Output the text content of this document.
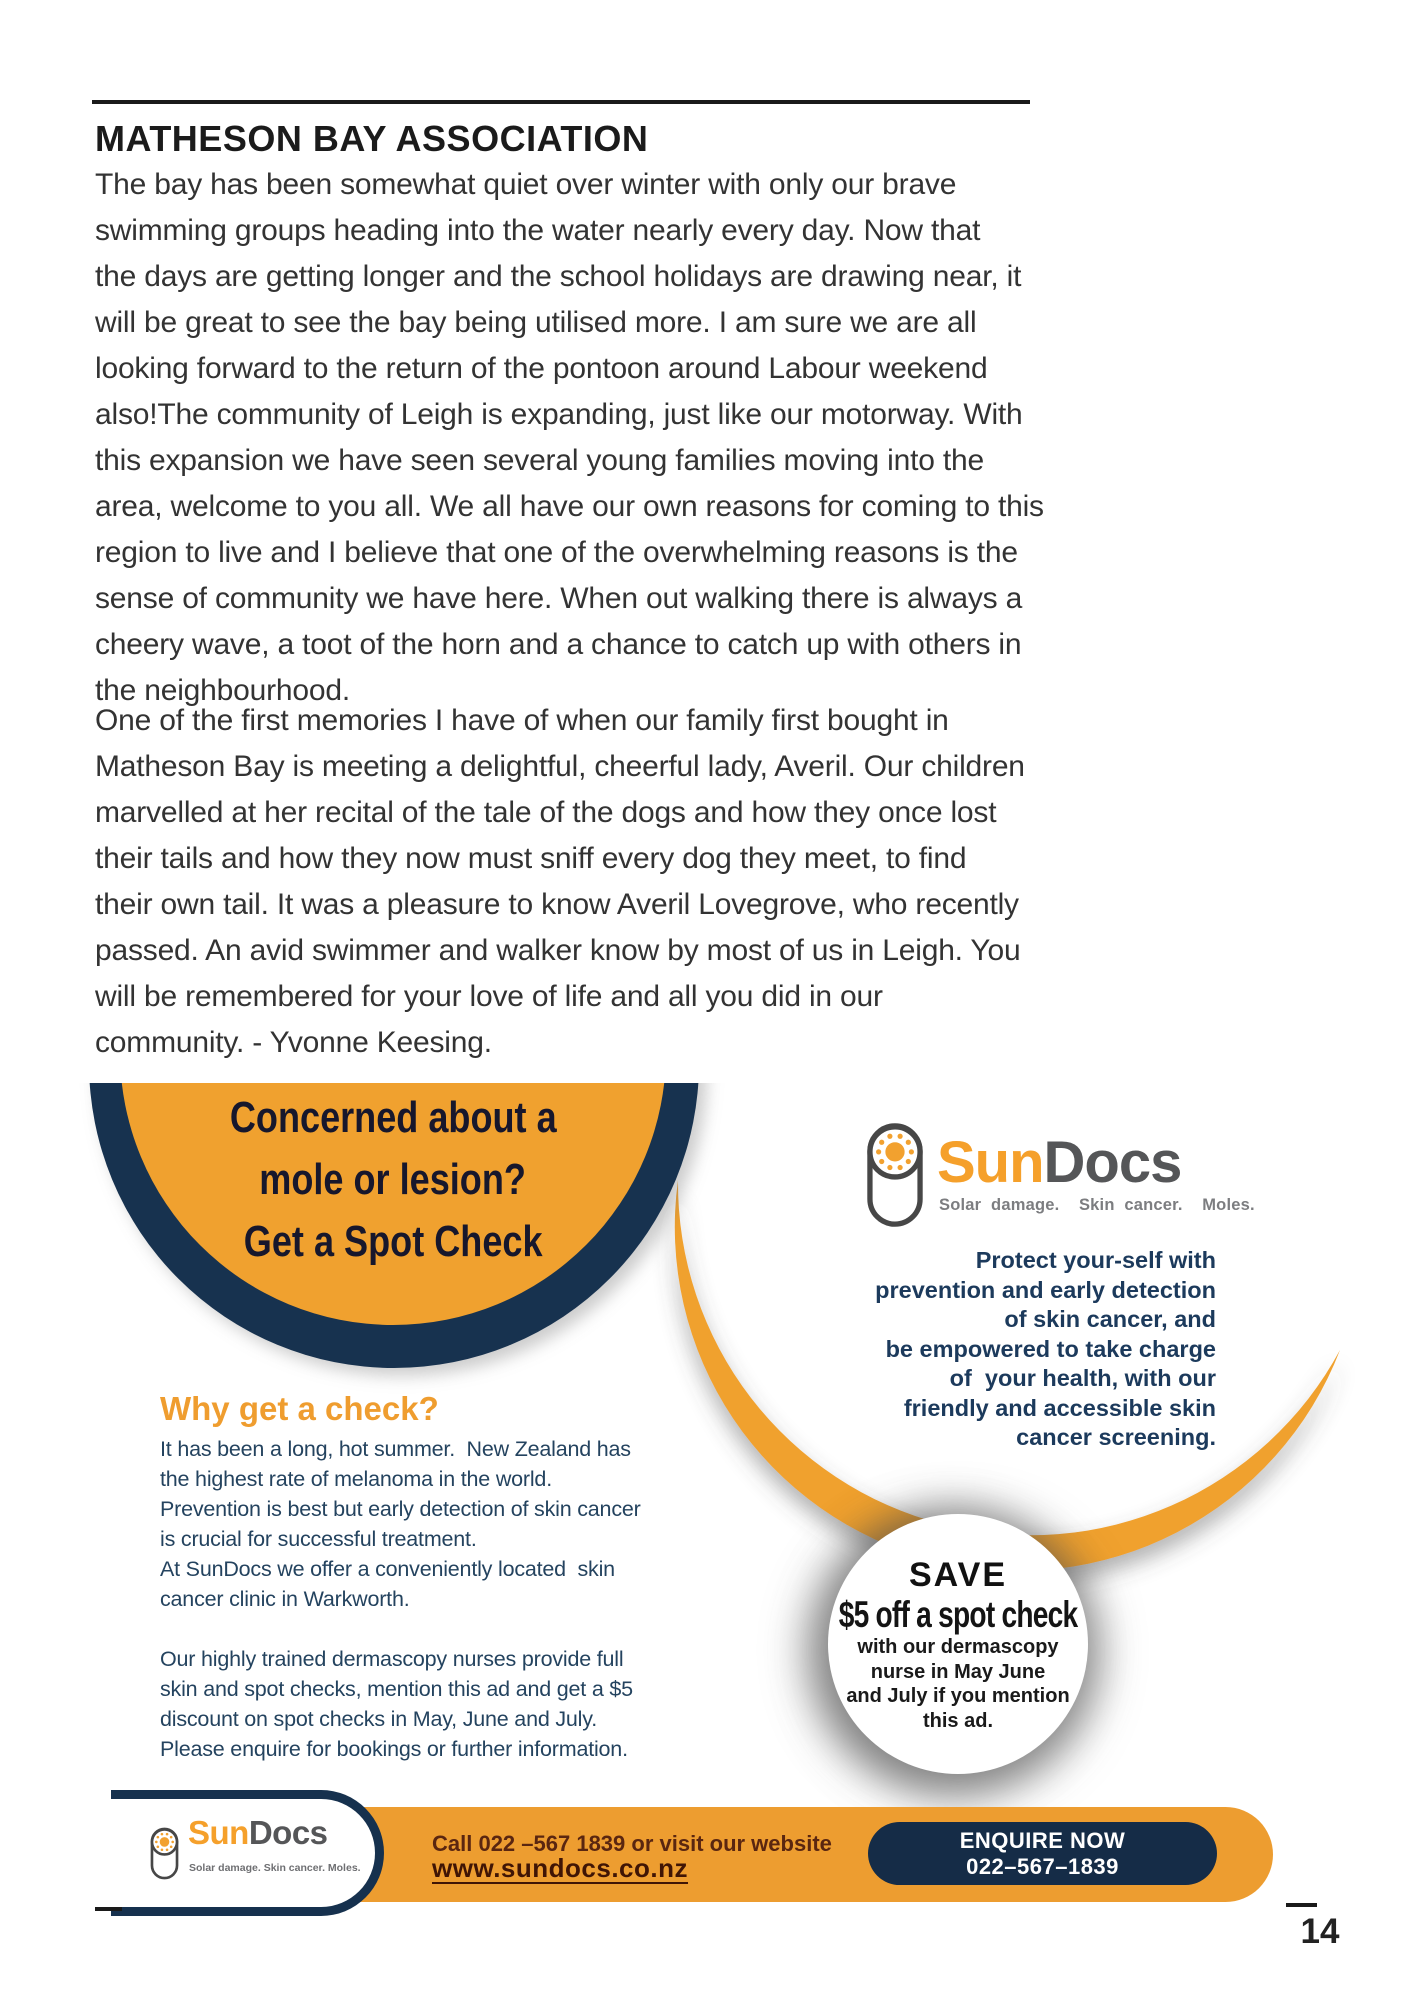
MATHESON BAY ASSOCIATION
The bay has been somewhat quiet over winter with only our brave
swimming groups heading into the water nearly every day. Now that
the days are getting longer and the school holidays are drawing near, it
will be great to see the bay being utilised more. I am sure we are all
looking forward to the return of the pontoon around Labour weekend
also!The community of Leigh is expanding, just like our motorway. With
this expansion we have seen several young families moving into the
area, welcome to you all. We all have our own reasons for coming to this
region to live and I believe that one of the overwhelming reasons is the
sense of community we have here. When out walking there is always a
cheery wave, a toot of the horn and a chance to catch up with others in
the neighbourhood.
One of the first memories I have of when our family first bought in
Matheson Bay is meeting a delightful, cheerful lady, Averil. Our children
marvelled at her recital of the tale of the dogs and how they once lost
their tails and how they now must sniff every dog they meet, to find
their own tail. It was a pleasure to know Averil Lovegrove, who recently
passed. An avid swimmer and walker know by most of us in Leigh. You
will be remembered for your love of life and all you did in our
community. - Yvonne Keesing.
Concerned about a
mole or lesion?
Get a Spot Check
SunDocs
Solar damage.  Skin cancer.  Moles.
Protect your-self with
prevention and early detection
of skin cancer, and
be empowered to take charge
of  your health, with our
friendly and accessible skin
cancer screening.
Why get a check?
It has been a long, hot summer.  New Zealand has
the highest rate of melanoma in the world.
Prevention is best but early detection of skin cancer
is crucial for successful treatment.
At SunDocs we offer a conveniently located  skin
cancer clinic in Warkworth.

Our highly trained dermascopy nurses provide full
skin and spot checks, mention this ad and get a $5
discount on spot checks in May, June and July.
Please enquire for bookings or further information.
SAVE
$5 off a spot check
with our dermascopy
nurse in May June
and July if you mention
this ad.
SunDocs
Solar damage. Skin cancer. Moles.
Call 022 –567 1839 or visit our website
www.sundocs.co.nz
ENQUIRE NOW
022–567–1839
14
